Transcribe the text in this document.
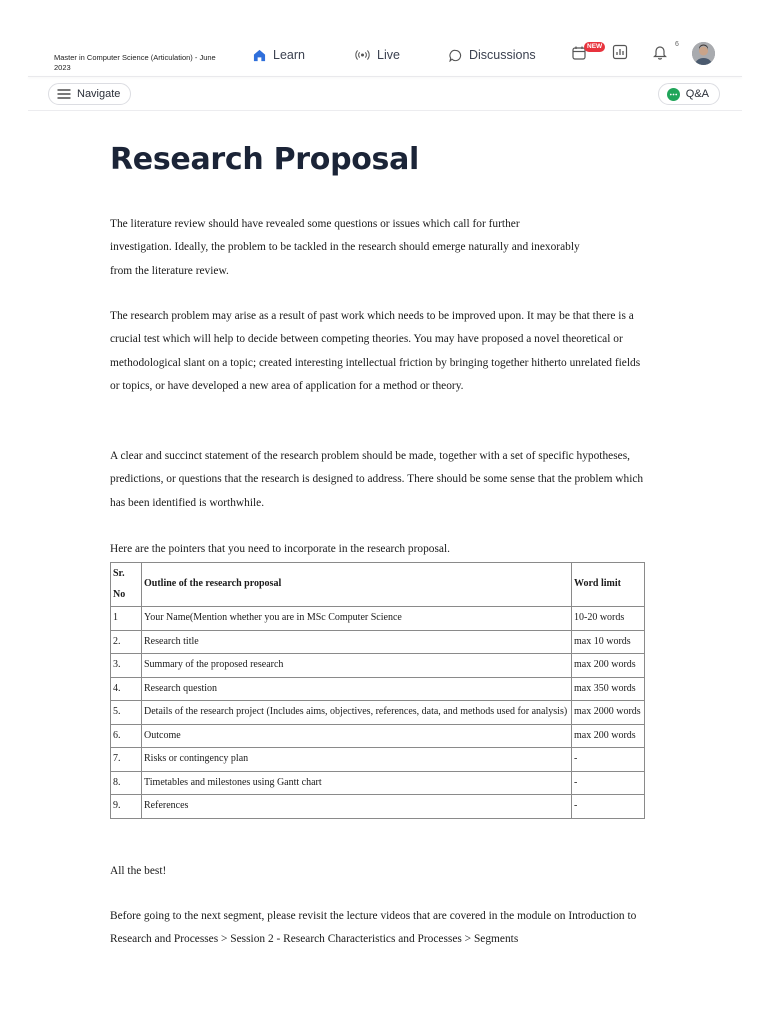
Master in Computer Science (Articulation) - June 2023
Learn	Live	Discussions
NEW	6
Navigate	Q&A
Research Proposal

The literature review should have revealed some questions or issues which call for further investigation. Ideally, the problem to be tackled in the research should emerge naturally and inexorably from the literature review.

The research problem may arise as a result of past work which needs to be improved upon. It may be that there is a crucial test which will help to decide between competing theories. You may have proposed a novel theoretical or methodological slant on a topic; created interesting intellectual friction by bringing together hitherto unrelated fields or topics, or have developed a new area of application for a method or theory.

A clear and succinct statement of the research problem should be made, together with a set of specific hypotheses, predictions, or questions that the research is designed to address. There should be some sense that the problem which has been identified is worthwhile.

Here are the pointers that you need to incorporate in the research proposal.

Sr. No	Outline of the research proposal	Word limit
1	Your Name(Mention whether you are in MSc Computer Science	10-20 words
2.	Research title	max 10 words
3.	Summary of the proposed research	max 200 words
4.	Research question	max 350 words
5.	Details of the research project (Includes aims, objectives, references, data, and methods used for analysis)	max 2000 words
6.	Outcome	max 200 words
7.	Risks or contingency plan	-
8.	Timetables and milestones using Gantt chart	-
9.	References	-

All the best!

Before going to the next segment, please revisit the lecture videos that are covered in the module on Introduction to Research and Processes > Session 2 - Research Characteristics and Processes > Segments
